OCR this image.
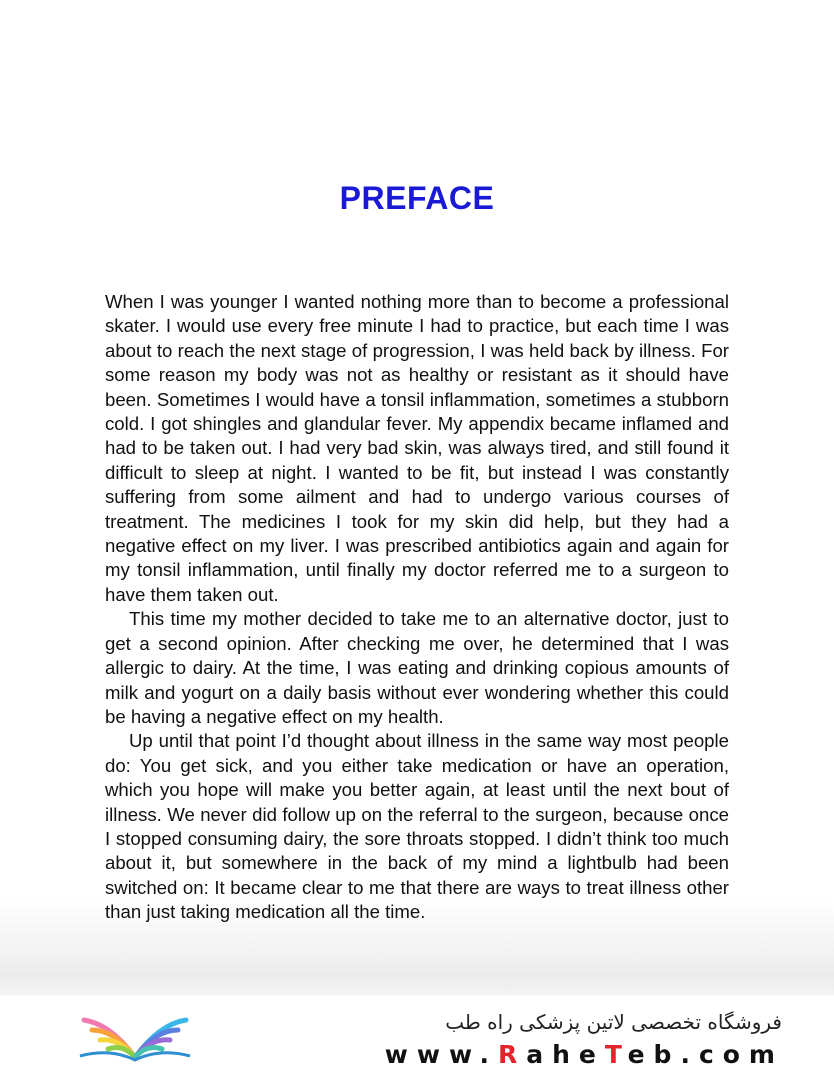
PREFACE

When I was younger I wanted nothing more than to become a professional skater. I would use every free minute I had to practice, but each time I was about to reach the next stage of progression, I was held back by illness. For some reason my body was not as healthy or resistant as it should have been. Sometimes I would have a tonsil inflammation, sometimes a stubborn cold. I got shingles and glandular fever. My appendix became inflamed and had to be taken out. I had very bad skin, was always tired, and still found it difficult to sleep at night. I wanted to be fit, but instead I was constantly suffering from some ailment and had to undergo various courses of treatment. The medicines I took for my skin did help, but they had a negative effect on my liver. I was prescribed antibiotics again and again for my tonsil inflammation, until finally my doctor referred me to a surgeon to have them taken out.

This time my mother decided to take me to an alternative doctor, just to get a second opinion. After checking me over, he determined that I was allergic to dairy. At the time, I was eating and drinking copious amounts of milk and yogurt on a daily basis without ever wondering whether this could be having a negative effect on my health.

Up until that point I’d thought about illness in the same way most people do: You get sick, and you either take medication or have an operation, which you hope will make you better again, at least until the next bout of illness. We never did follow up on the referral to the surgeon, because once I stopped consuming dairy, the sore throats stopped. I didn’t think too much about it, but somewhere in the back of my mind a lightbulb had been switched on: It became clear to me that there are ways to treat illness other than just taking medication all the time.

فروشگاه تخصصی لاتین پزشکی راه طب
www.RaheTeb.com
